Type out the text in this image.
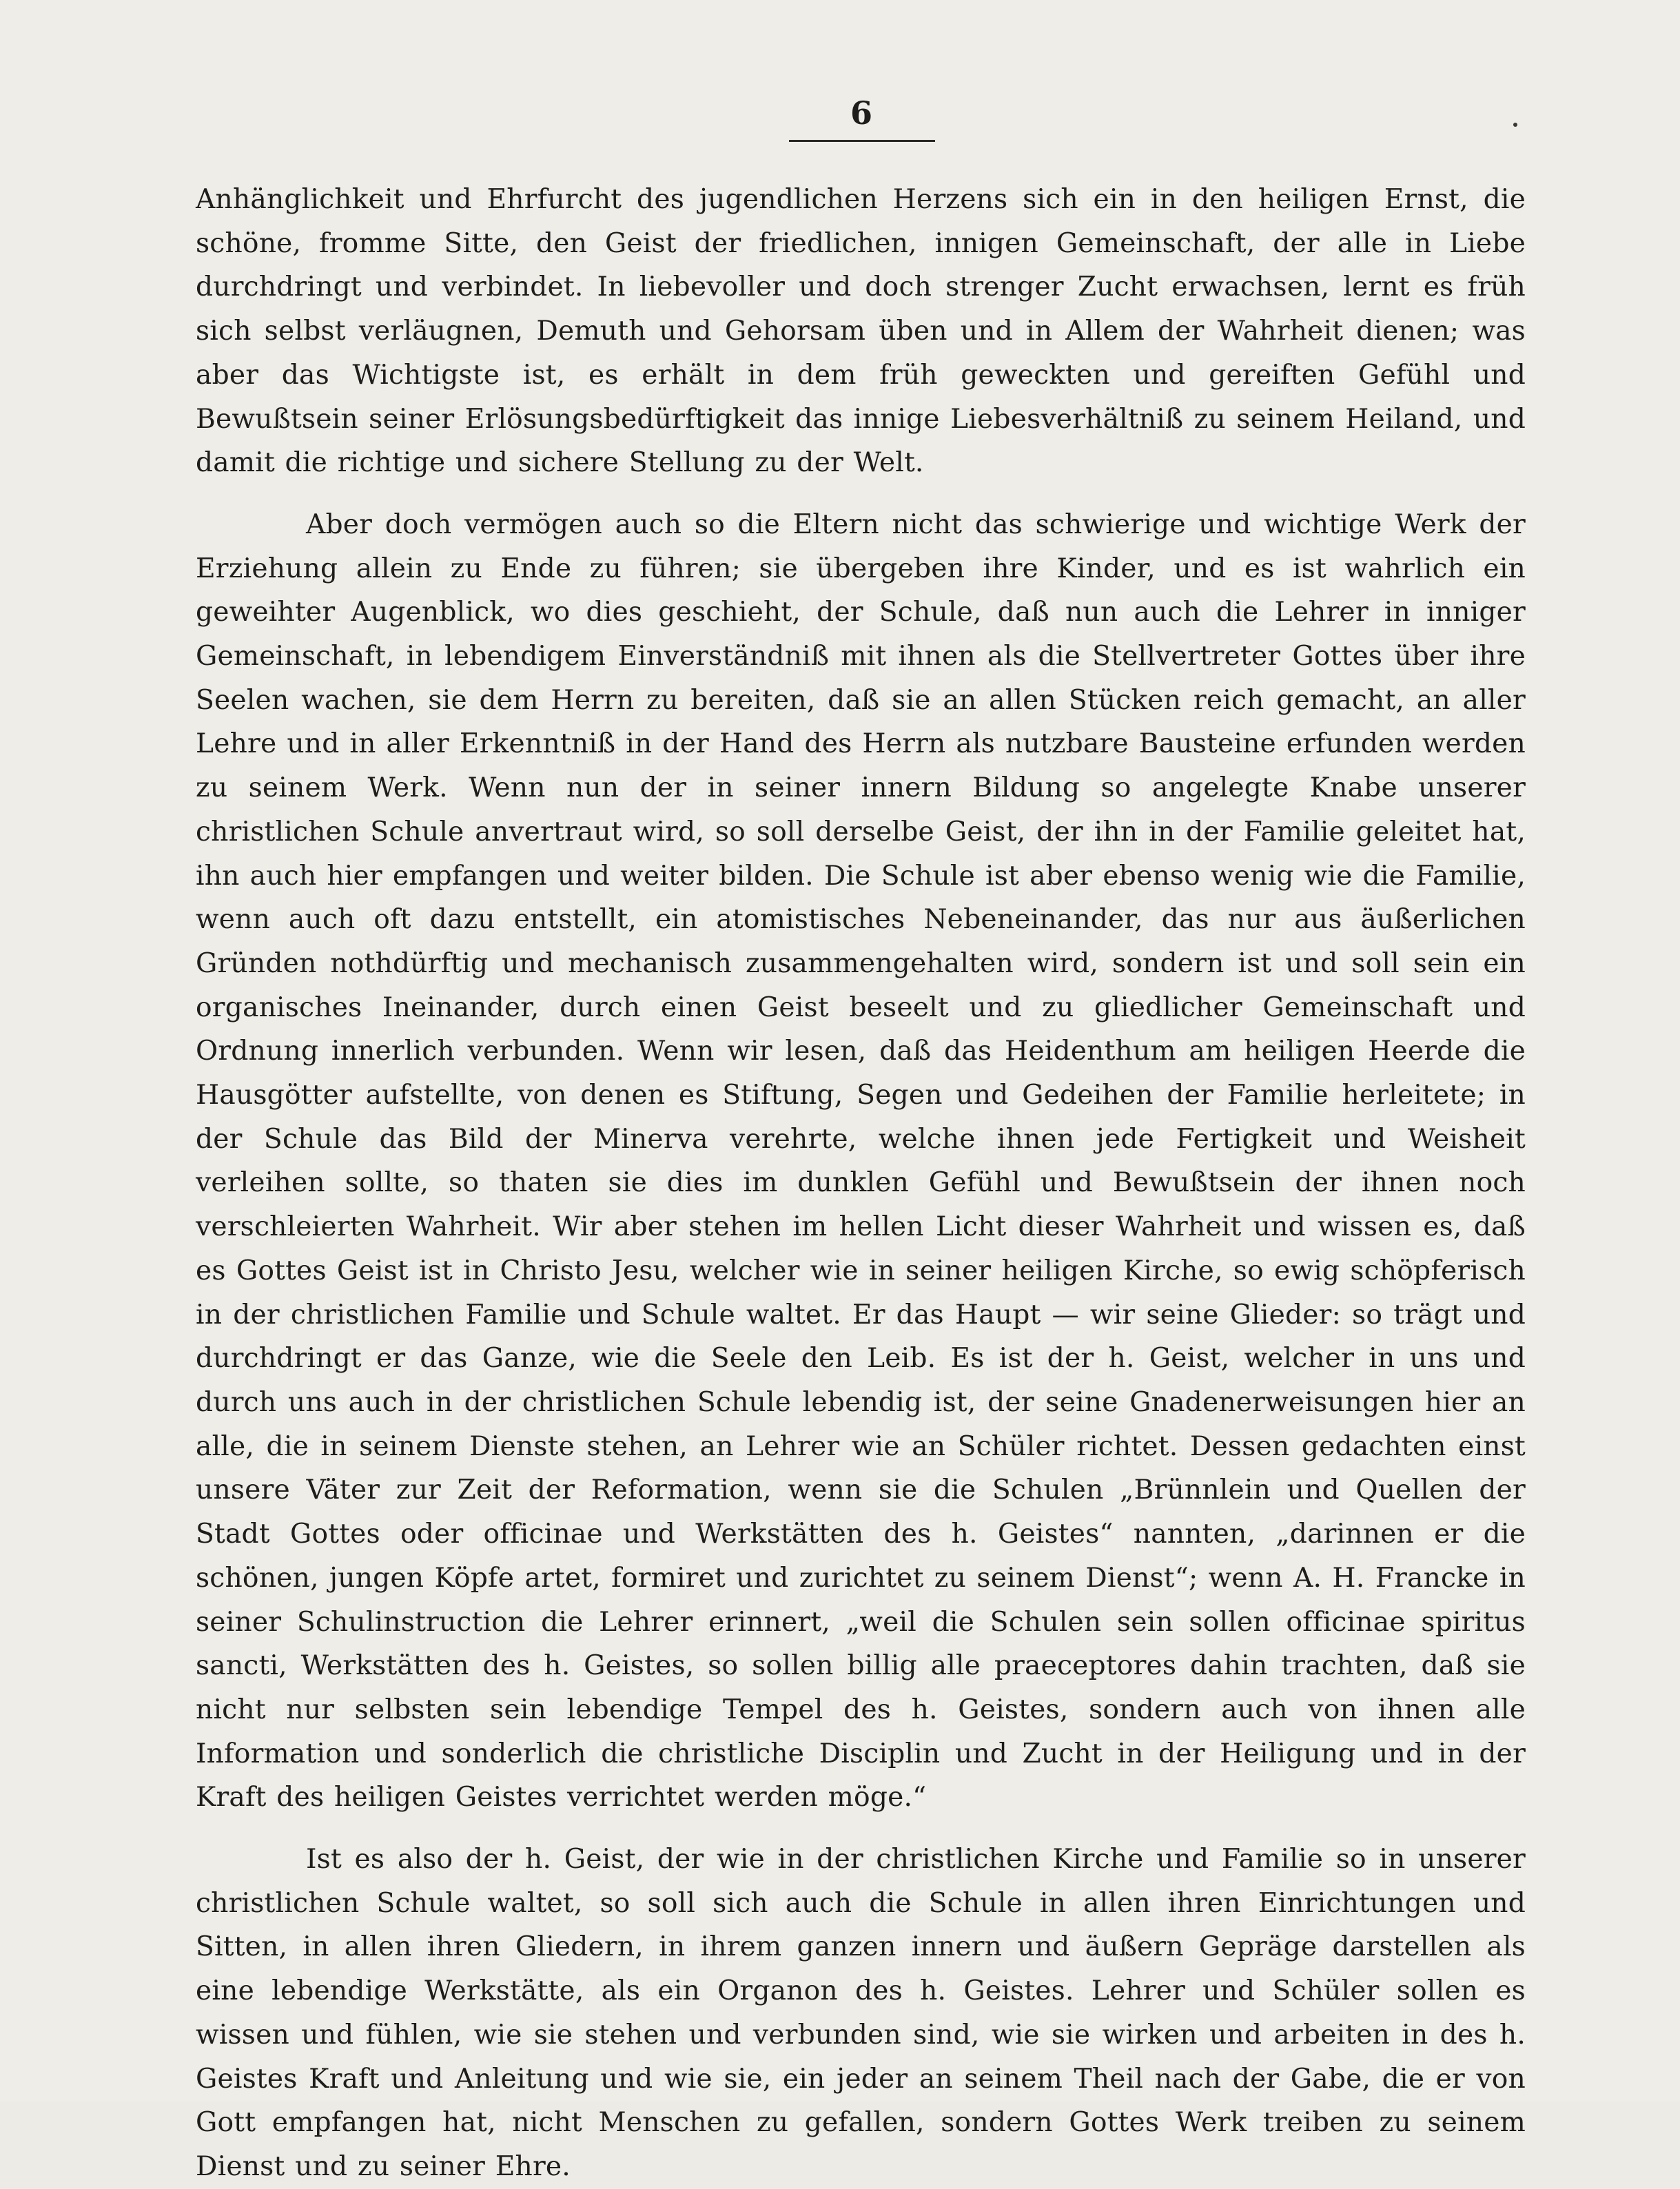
6

Anhänglichkeit und Ehrfurcht des jugendlichen Herzens sich ein in den heiligen Ernst, die schöne, fromme Sitte, den Geist der friedlichen, innigen Gemeinschaft, der alle in Liebe durchdringt und verbindet. In liebevoller und doch strenger Zucht erwachsen, lernt es früh sich selbst verläugnen, Demuth und Gehorsam üben und in Allem der Wahrheit dienen; was aber das Wichtigste ist, es erhält in dem früh geweckten und gereiften Gefühl und Bewußtsein seiner Erlösungsbedürftigkeit das innige Liebesverhältniß zu seinem Heiland, und damit die richtige und sichere Stellung zu der Welt.

Aber doch vermögen auch so die Eltern nicht das schwierige und wichtige Werk der Erziehung allein zu Ende zu führen; sie übergeben ihre Kinder, und es ist wahrlich ein geweihter Augenblick, wo dies geschieht, der Schule, daß nun auch die Lehrer in inniger Gemeinschaft, in lebendigem Einverständniß mit ihnen als die Stellvertreter Gottes über ihre Seelen wachen, sie dem Herrn zu bereiten, daß sie an allen Stücken reich gemacht, an aller Lehre und in aller Erkenntniß in der Hand des Herrn als nutzbare Bausteine erfunden werden zu seinem Werk. Wenn nun der in seiner innern Bildung so angelegte Knabe unserer christlichen Schule anvertraut wird, so soll derselbe Geist, der ihn in der Familie geleitet hat, ihn auch hier empfangen und weiter bilden. Die Schule ist aber ebenso wenig wie die Familie, wenn auch oft dazu entstellt, ein atomistisches Nebeneinander, das nur aus äußerlichen Gründen nothdürftig und mechanisch zusammengehalten wird, sondern ist und soll sein ein organisches Ineinander, durch einen Geist beseelt und zu gliedlicher Gemeinschaft und Ordnung innerlich verbunden. Wenn wir lesen, daß das Heidenthum am heiligen Heerde die Hausgötter aufstellte, von denen es Stiftung, Segen und Gedeihen der Familie herleitete; in der Schule das Bild der Minerva verehrte, welche ihnen jede Fertigkeit und Weisheit verleihen sollte, so thaten sie dies im dunklen Gefühl und Bewußtsein der ihnen noch verschleierten Wahrheit. Wir aber stehen im hellen Licht dieser Wahrheit und wissen es, daß es Gottes Geist ist in Christo Jesu, welcher wie in seiner heiligen Kirche, so ewig schöpferisch in der christlichen Familie und Schule waltet. Er das Haupt — wir seine Glieder: so trägt und durchdringt er das Ganze, wie die Seele den Leib. Es ist der h. Geist, welcher in uns und durch uns auch in der christlichen Schule lebendig ist, der seine Gnadenerweisungen hier an alle, die in seinem Dienste stehen, an Lehrer wie an Schüler richtet. Dessen gedachten einst unsere Väter zur Zeit der Reformation, wenn sie die Schulen „Brünnlein und Quellen der Stadt Gottes oder officinae und Werkstätten des h. Geistes“ nannten, „darinnen er die schönen, jungen Köpfe artet, formiret und zurichtet zu seinem Dienst“; wenn A. H. Francke in seiner Schulinstruction die Lehrer erinnert, „weil die Schulen sein sollen officinae spiritus sancti, Werkstätten des h. Geistes, so sollen billig alle praeceptores dahin trachten, daß sie nicht nur selbsten sein lebendige Tempel des h. Geistes, sondern auch von ihnen alle Information und sonderlich die christliche Disciplin und Zucht in der Heiligung und in der Kraft des heiligen Geistes verrichtet werden möge.“

Ist es also der h. Geist, der wie in der christlichen Kirche und Familie so in unserer christlichen Schule waltet, so soll sich auch die Schule in allen ihren Einrichtungen und Sitten, in allen ihren Gliedern, in ihrem ganzen innern und äußern Gepräge darstellen als eine lebendige Werkstätte, als ein Organon des h. Geistes. Lehrer und Schüler sollen es wissen und fühlen, wie sie stehen und verbunden sind, wie sie wirken und arbeiten in des h. Geistes Kraft und Anleitung und wie sie, ein jeder an seinem Theil nach der Gabe, die er von Gott empfangen hat, nicht Menschen zu gefallen, sondern Gottes Werk treiben zu seinem Dienst und zu seiner Ehre.
